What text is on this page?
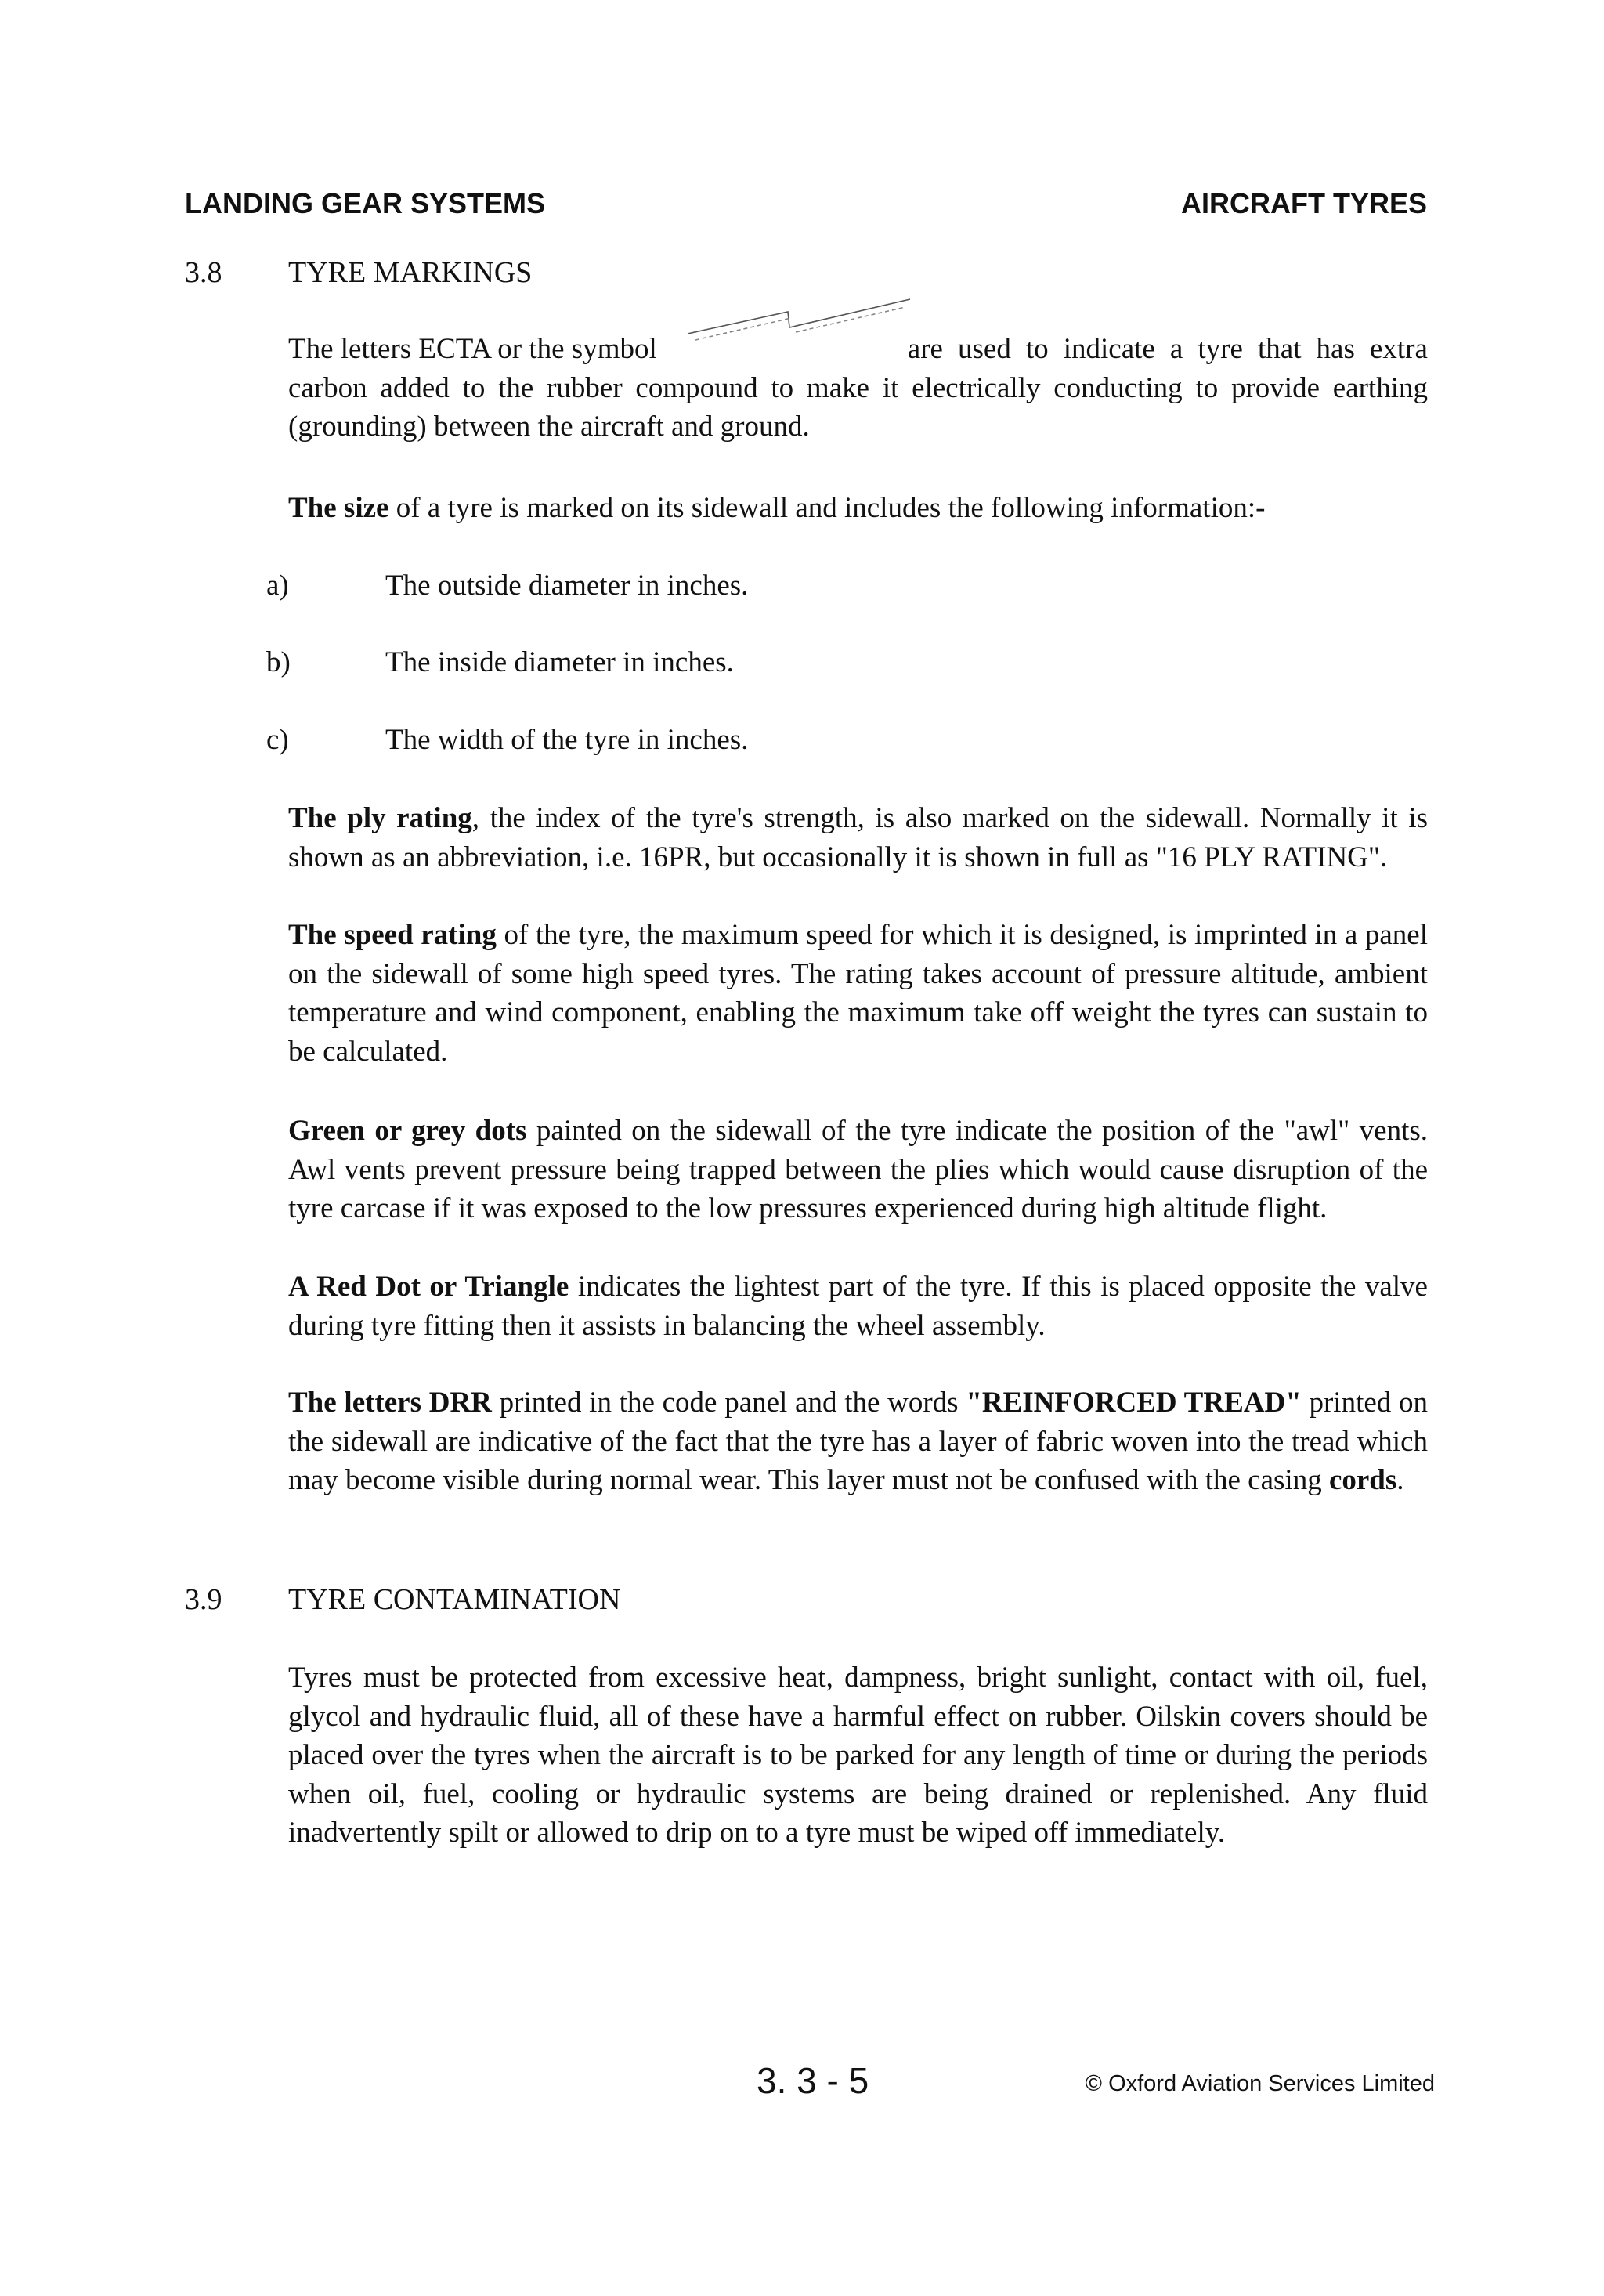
LANDING GEAR SYSTEMS	AIRCRAFT TYRES
3.8 TYRE MARKINGS
The letters ECTA or the symbol	are used to indicate a tyre that has extra
carbon added to the rubber compound to make it electrically conducting to provide earthing (grounding) between the aircraft and ground.

The size of a tyre is marked on its sidewall and includes the following information:-

a)	The outside diameter in inches.
b)	The inside diameter in inches.
c)	The width of the tyre in inches.

The ply rating, the index of the tyre's strength, is also marked on the sidewall. Normally it is shown as an abbreviation, i.e. 16PR, but occasionally it is shown in full as "16 PLY RATING".

The speed rating of the tyre, the maximum speed for which it is designed, is imprinted in a panel on the sidewall of some high speed tyres. The rating takes account of pressure altitude, ambient temperature and wind component, enabling the maximum take off weight the tyres can sustain to be calculated.

Green or grey dots painted on the sidewall of the tyre indicate the position of the "awl" vents. Awl vents prevent pressure being trapped between the plies which would cause disruption of the tyre carcase if it was exposed to the low pressures experienced during high altitude flight.

A Red Dot or Triangle indicates the lightest part of the tyre. If this is placed opposite the valve during tyre fitting then it assists in balancing the wheel assembly.

The letters DRR printed in the code panel and the words "REINFORCED TREAD" printed on the sidewall are indicative of the fact that the tyre has a layer of fabric woven into the tread which may become visible during normal wear. This layer must not be confused with the casing cords.

3.9 TYRE CONTAMINATION

Tyres must be protected from excessive heat, dampness, bright sunlight, contact with oil, fuel, glycol and hydraulic fluid, all of these have a harmful effect on rubber. Oilskin covers should be placed over the tyres when the aircraft is to be parked for any length of time or during the periods when oil, fuel, cooling or hydraulic systems are being drained or replenished. Any fluid inadvertently spilt or allowed to drip on to a tyre must be wiped off immediately.

3. 3 - 5	© Oxford Aviation Services Limited
